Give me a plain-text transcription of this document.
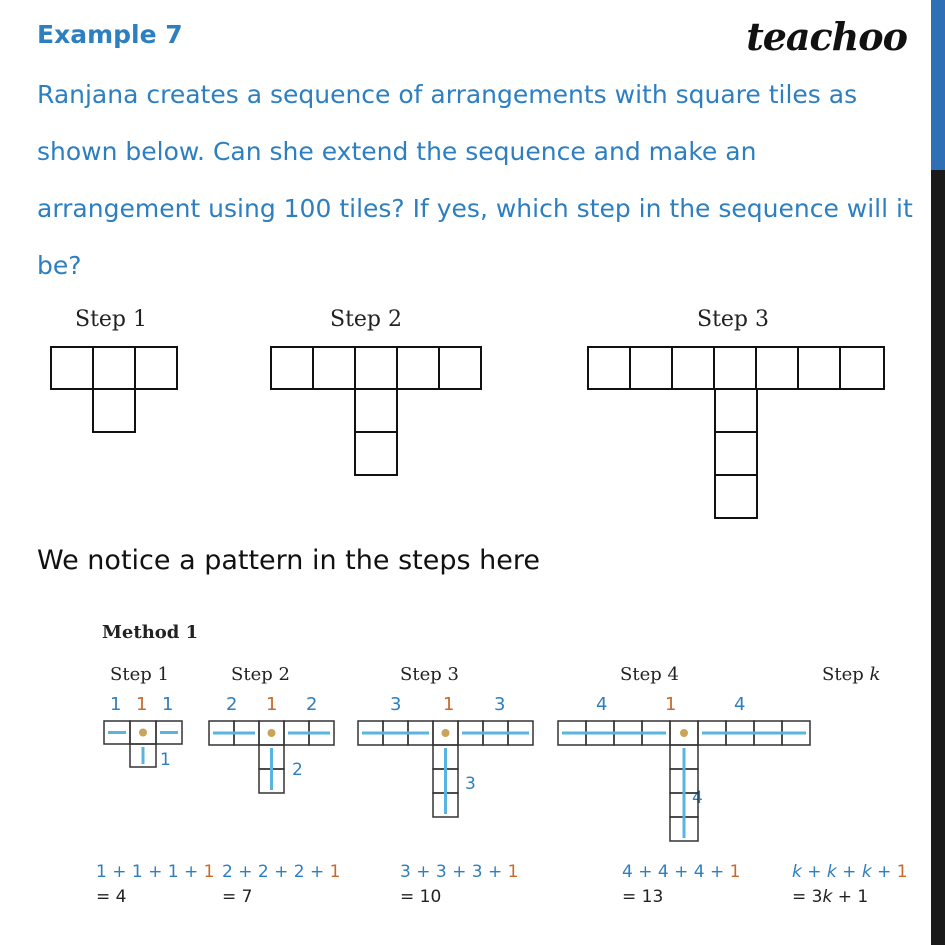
Example 7	teachoo
Ranjana creates a sequence of arrangements with square tiles as
shown below. Can she extend the sequence and make an
arrangement using 100 tiles? If yes, which step in the sequence will it
be?
Step 1	Step 2	Step 3
We notice a pattern in the steps here
Method 1
Step 1	Step 2	Step 3	Step 4	Step k
1 1 1
1
2 1 2
2
3 1 3
3
4	1	4
4
1 + 1 + 1 + 1
= 4
2 + 2 + 2 + 1
= 7
3 + 3 + 3 + 1
= 10
4 + 4 + 4 + 1
= 13
k + k + k + 1
= 3k + 1
